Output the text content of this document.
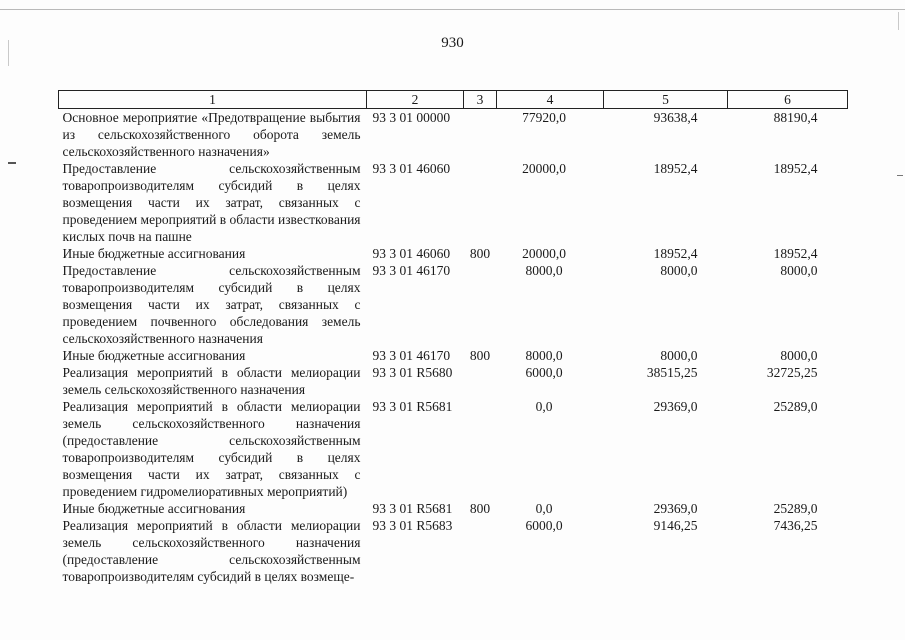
930
1	2	3	4	5	6
Основное мероприятие «Предотвращение выбытия из сельскохозяйственного оборота земель сельскохозяйственного назначения»	93 3 01 00000		77920,0	93638,4	88190,4
Предоставление сельскохозяйственным товаропроизводителям субсидий в целях возмещения части их затрат, связанных с проведением мероприятий в области известкования кислых почв на пашне	93 3 01 46060		20000,0	18952,4	18952,4
Иные бюджетные ассигнования	93 3 01 46060	800	20000,0	18952,4	18952,4
Предоставление сельскохозяйственным товаропроизводителям субсидий в целях возмещения части их затрат, связанных с проведением почвенного обследования земель сельскохозяйственного назначения	93 3 01 46170		8000,0	8000,0	8000,0
Иные бюджетные ассигнования	93 3 01 46170	800	8000,0	8000,0	8000,0
Реализация мероприятий в области мелиорации земель сельскохозяйственного назначения	93 3 01 R5680		6000,0	38515,25	32725,25
Реализация мероприятий в области мелиорации земель сельскохозяйственного назначения (предоставление сельскохозяйственным товаропроизводителям субсидий в целях возмещения части их затрат, связанных с проведением гидромелиоративных мероприятий)	93 3 01 R5681		0,0	29369,0	25289,0
Иные бюджетные ассигнования	93 3 01 R5681	800	0,0	29369,0	25289,0
Реализация мероприятий в области мелиорации земель сельскохозяйственного назначения (предоставление сельскохозяйственным товаропроизводителям субсидий в целях возмеще-	93 3 01 R5683		6000,0	9146,25	7436,25
